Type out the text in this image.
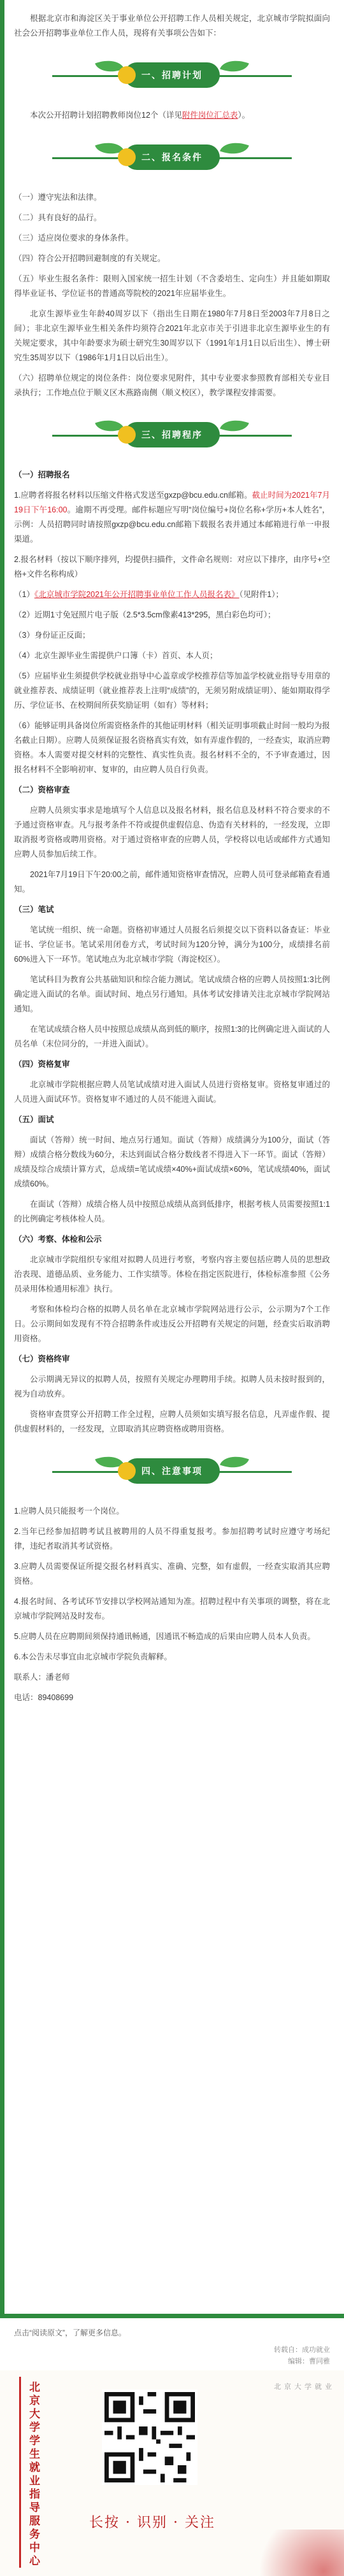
根据北京市和海淀区关于事业单位公开招聘工作人员相关规定，北京城市学院拟面向社会公开招聘事业单位工作人员，现将有关事项公告如下：

一、招聘计划

本次公开招聘计划招聘教师岗位12个（详见附件岗位汇总表）。

二、报名条件

（一）遵守宪法和法律。

（二）具有良好的品行。

（三）适应岗位要求的身体条件。

（四）符合公开招聘回避制度的有关规定。

（五）毕业生报名条件：限则入国家统一招生计划（不含委培生、定向生）并且能如期取得毕业证书、学位证书的普通高等院校的2021年应届毕业生。

北京生源毕业生年龄40周岁以下（指出生日期在1980年7月8日至2003年7月8日之间）；非北京生源毕业生相关条件均须符合2021年北京市关于引进非北京生源毕业生的有关规定要求，其中年龄要求为硕士研究生30周岁以下（1991年1月1日以后出生）、博士研究生35周岁以下（1986年1月1日以后出生）。

（六）招聘单位规定的岗位条件：岗位要求见附件，其中专业要求参照教育部相关专业目录执行；工作地点位于顺义区木燕路南侧（顺义校区），教学课程安排需要。

三、招聘程序

（一）招聘报名

1.应聘者将报名材料以压缩文件格式发送至gxzp@bcu.edu.cn邮箱。截止时间为2021年7月19日下午16:00。逾期不再受理。邮件标题应写明“岗位编号+岗位名称+学历+本人姓名”，示例：人员招聘同时请按照gxzp@bcu.edu.cn邮箱下载报名表并通过本邮箱进行单一申报渠道。

2.报名材料（按以下顺序排列，均提供扫描件，文件命名规则：对应以下排序，由序号+空格+文件名称构成）

（1）《北京城市学院2021年公开招聘事业单位工作人员报名表》（见附件1）；

（2）近期1寸免冠照片电子版（2.5*3.5cm像素413*295，黑白彩色均可）；

（3）身份证正反面；

（4）北京生源毕业生需提供户口簿（卡）首页、本人页；

（5）应届毕业生须提供学校就业指导中心盖章或学校推荐信等加盖学校就业指导专用章的就业推荐表、成绩证明（就业推荐表上注明“成绩”的，无须另附成绩证明）、能如期取得学历、学位证书、在校期间所获奖励证明（如有）等材料；

（6）能够证明具备岗位所需资格条件的其他证明材料（相关证明事项截止时间一般均为报名截止日期）。应聘人员须保证报名资格真实有效，如有弄虚作假的，一经查实，取消应聘资格。本人需要对提交材料的完整性、真实性负责。报名材料不全的，不予审查通过，因报名材料不全影响初审、复审的，由应聘人员自行负责。

（二）资格审查

应聘人员须实事求是地填写个人信息以及报名材料，报名信息及材料不符合要求的不予通过资格审查。凡与报考条件不符或提供虚假信息、伪造有关材料的，一经发现，立即取消报考资格或聘用资格。对于通过资格审查的应聘人员，学校将以电话或邮件方式通知应聘人员参加后续工作。

2021年7月19日下午20:00之前，邮件通知资格审查情况，应聘人员可登录邮箱查看通知。

（三）笔试

笔试统一组织、统一命题。资格初审通过人员报名后须提交以下资料以备查证：毕业证书、学位证书。笔试采用闭卷方式，考试时间为120分钟，满分为100分，成绩排名前60%进入下一环节。笔试地点为北京城市学院（海淀校区）。

笔试科目为教育公共基础知识和综合能力测试。笔试成绩合格的应聘人员按照1:3比例确定进入面试的名单。面试时间、地点另行通知。具体考试安排请关注北京城市学院网站通知。

在笔试成绩合格人员中按照总成绩从高到低的顺序，按照1:3的比例确定进入面试的人员名单（末位同分的，一并进入面试）。

（四）资格复审

北京城市学院根据应聘人员笔试成绩对进入面试人员进行资格复审。资格复审通过的人员进入面试环节。资格复审不通过的人员不能进入面试。

（五）面试

面试（答辩）统一时间、地点另行通知。面试（答辩）成绩满分为100分，面试（答辩）成绩合格分数线为60分，未达到面试合格分数线者不得进入下一环节。面试（答辩）成绩及综合成绩计算方式，总成绩=笔试成绩×40%+面试成绩×60%，笔试成绩40%，面试成绩60%。

在面试（答辩）成绩合格人员中按照总成绩从高到低排序，根据考核人员需要按照1:1的比例确定考核体检人员。

（六）考察、体检和公示

北京城市学院组织专家组对拟聘人员进行考察，考察内容主要包括应聘人员的思想政治表现、道德品质、业务能力、工作实绩等。体检在指定医院进行，体检标准参照《公务员录用体检通用标准》执行。

考察和体检均合格的拟聘人员名单在北京城市学院网站进行公示，公示期为7个工作日。公示期间如发现有不符合招聘条件或违反公开招聘有关规定的问题，经查实后取消聘用资格。

（七）资格终审

公示期满无异议的拟聘人员，按照有关规定办理聘用手续。拟聘人员未按时报到的，视为自动放弃。

资格审查贯穿公开招聘工作全过程，应聘人员须如实填写报名信息，凡弄虚作假、提供虚假材料的，一经发现，立即取消其应聘资格或聘用资格。

四、注意事项

1.应聘人员只能报考一个岗位。

2.当年已经参加招聘考试且被聘用的人员不得重复报考。参加招聘考试时应遵守考场纪律，违纪者取消其考试资格。

3.应聘人员需要保证所提交报名材料真实、准确、完整，如有虚假，一经查实取消其应聘资格。

4.报名时间、各考试环节安排以学校网站通知为准。招聘过程中有关事项的调整，将在北京城市学院网站及时发布。

5.应聘人员在应聘期间须保持通讯畅通，因通讯不畅造成的后果由应聘人员本人负责。

6.本公告未尽事宜由北京城市学院负责解释。

联系人：潘老师

电话：89408699

点击“阅读原文”，了解更多信息。
转载自：成功就业
编辑：曹同雅
北京大学学生就业指导服务中心
长按 · 识别 · 关注
北 京 大 学 就 业
